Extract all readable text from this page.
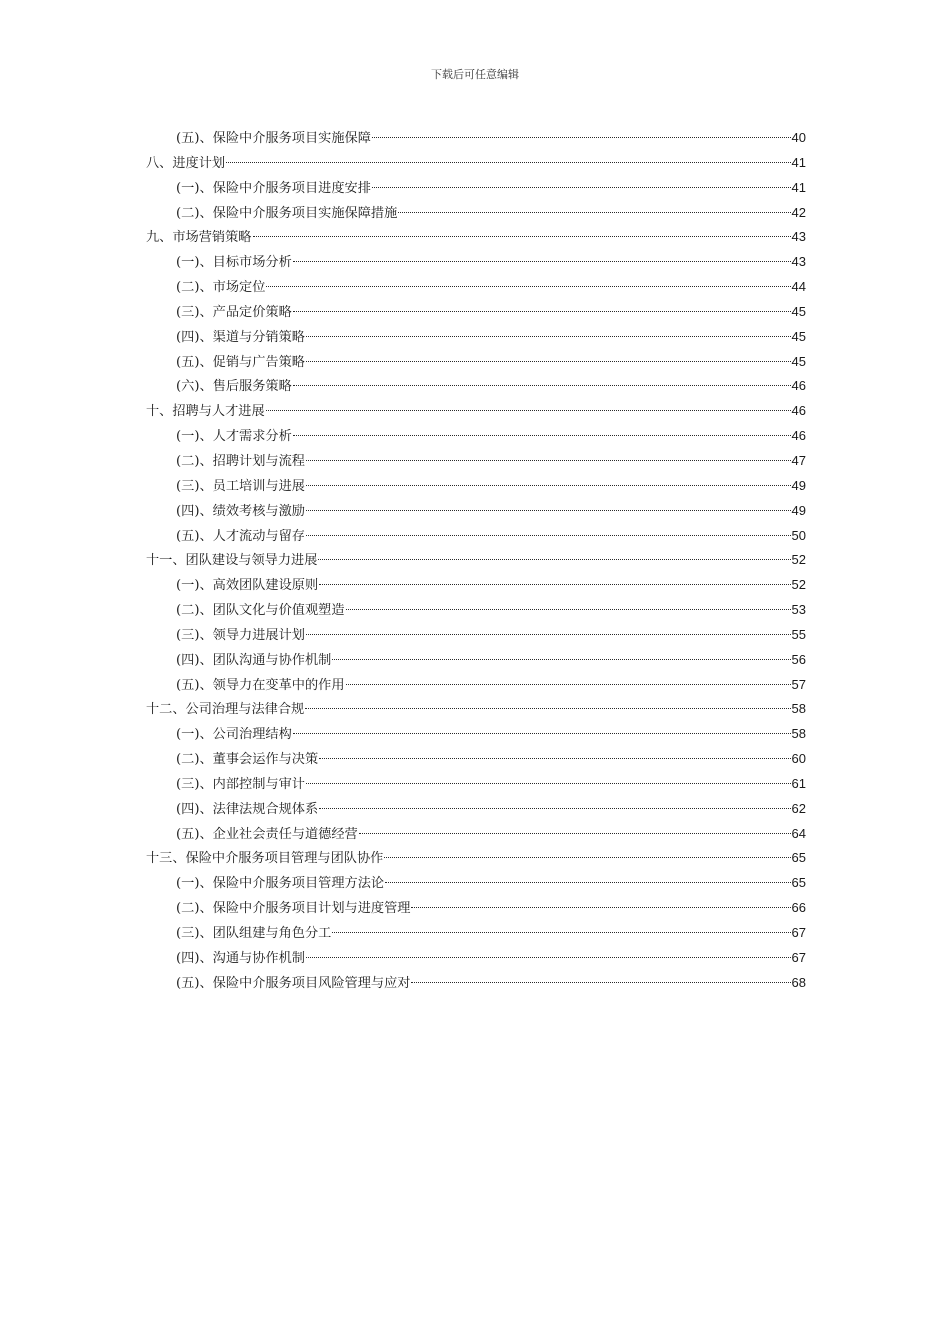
下载后可任意编辑
(五)、保险中介服务项目实施保障	40
八、进度计划	41
(一)、保险中介服务项目进度安排	41
(二)、保险中介服务项目实施保障措施	42
九、市场营销策略	43
(一)、目标市场分析	43
(二)、市场定位	44
(三)、产品定价策略	45
(四)、渠道与分销策略	45
(五)、促销与广告策略	45
(六)、售后服务策略	46
十、招聘与人才进展	46
(一)、人才需求分析	46
(二)、招聘计划与流程	47
(三)、员工培训与进展	49
(四)、绩效考核与激励	49
(五)、人才流动与留存	50
十一、团队建设与领导力进展	52
(一)、高效团队建设原则	52
(二)、团队文化与价值观塑造	53
(三)、领导力进展计划	55
(四)、团队沟通与协作机制	56
(五)、领导力在变革中的作用	57
十二、公司治理与法律合规	58
(一)、公司治理结构	58
(二)、董事会运作与决策	60
(三)、内部控制与审计	61
(四)、法律法规合规体系	62
(五)、企业社会责任与道德经营	64
十三、保险中介服务项目管理与团队协作	65
(一)、保险中介服务项目管理方法论	65
(二)、保险中介服务项目计划与进度管理	66
(三)、团队组建与角色分工	67
(四)、沟通与协作机制	67
(五)、保险中介服务项目风险管理与应对	68
